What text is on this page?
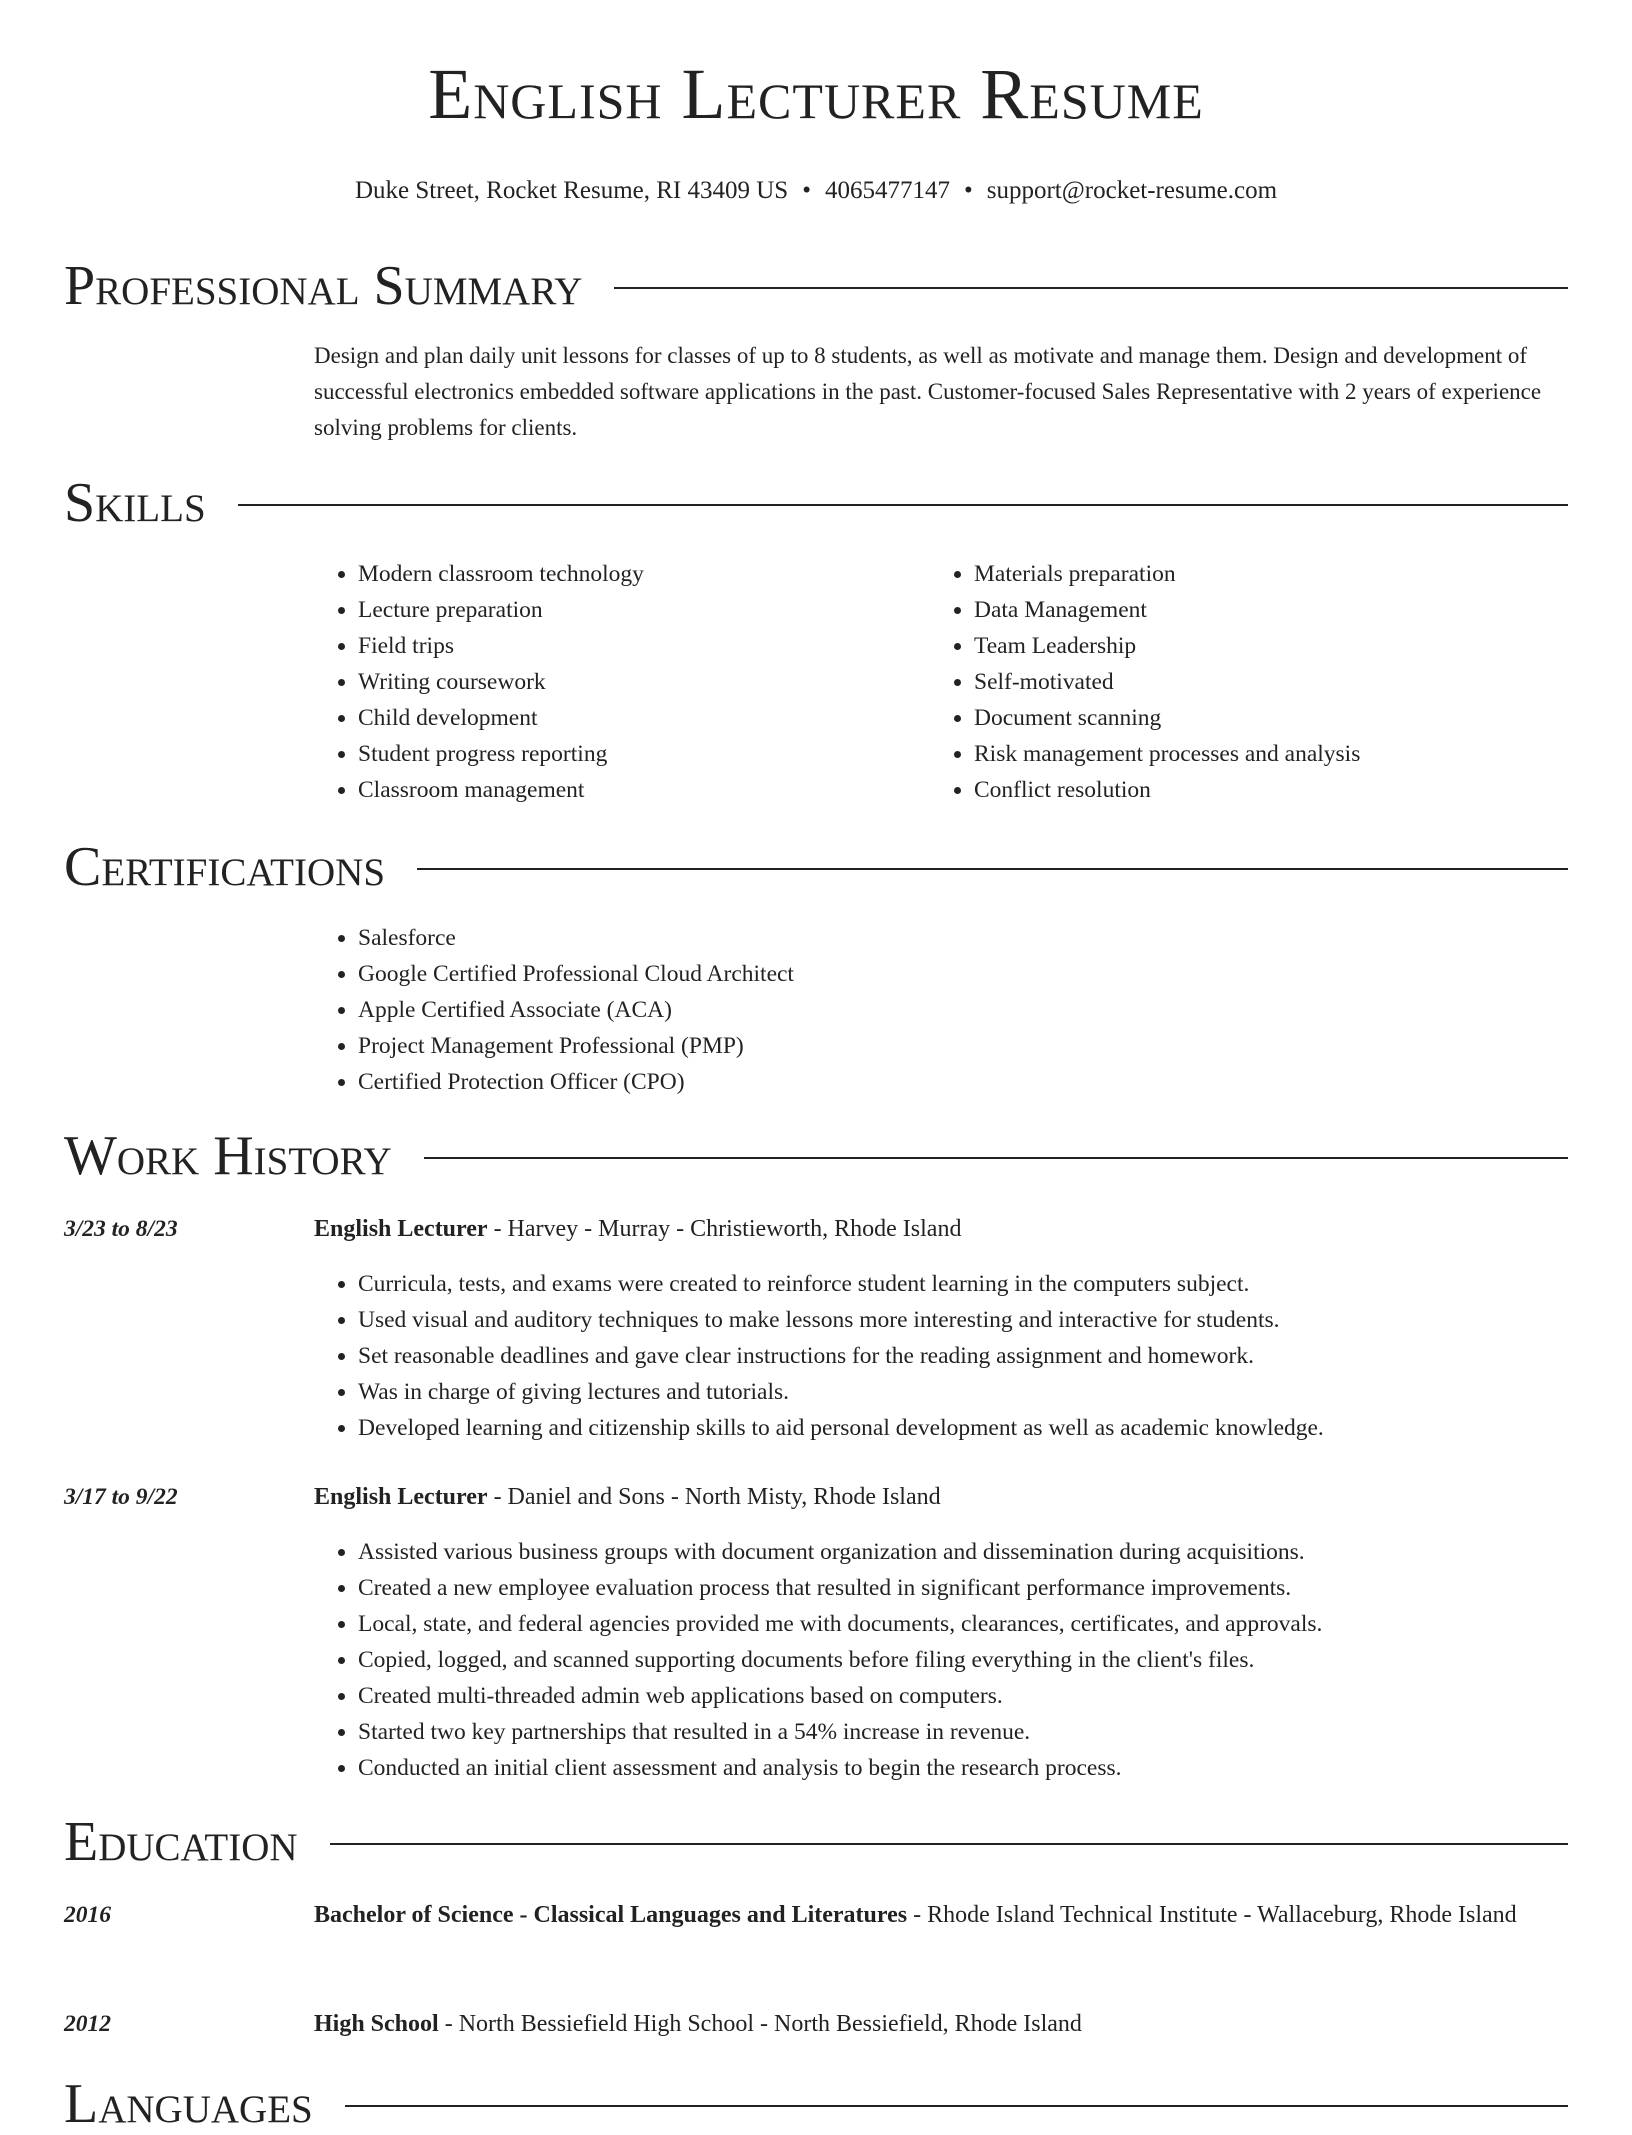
English Lecturer Resume
Duke Street, Rocket Resume, RI 43409 US • 4065477147 • support@rocket-resume.com
Professional Summary
Design and plan daily unit lessons for classes of up to 8 students, as well as motivate and manage them. Design and development of successful electronics embedded software applications in the past. Customer-focused Sales Representative with 2 years of experience solving problems for clients.
Skills
• Modern classroom technology
• Lecture preparation
• Field trips
• Writing coursework
• Child development
• Student progress reporting
• Classroom management
• Materials preparation
• Data Management
• Team Leadership
• Self-motivated
• Document scanning
• Risk management processes and analysis
• Conflict resolution
Certifications
• Salesforce
• Google Certified Professional Cloud Architect
• Apple Certified Associate (ACA)
• Project Management Professional (PMP)
• Certified Protection Officer (CPO)
Work History
3/23 to 8/23	English Lecturer - Harvey - Murray - Christieworth, Rhode Island
• Curricula, tests, and exams were created to reinforce student learning in the computers subject.
• Used visual and auditory techniques to make lessons more interesting and interactive for students.
• Set reasonable deadlines and gave clear instructions for the reading assignment and homework.
• Was in charge of giving lectures and tutorials.
• Developed learning and citizenship skills to aid personal development as well as academic knowledge.
3/17 to 9/22	English Lecturer - Daniel and Sons - North Misty, Rhode Island
• Assisted various business groups with document organization and dissemination during acquisitions.
• Created a new employee evaluation process that resulted in significant performance improvements.
• Local, state, and federal agencies provided me with documents, clearances, certificates, and approvals.
• Copied, logged, and scanned supporting documents before filing everything in the client's files.
• Created multi-threaded admin web applications based on computers.
• Started two key partnerships that resulted in a 54% increase in revenue.
• Conducted an initial client assessment and analysis to begin the research process.
Education
2016	Bachelor of Science - Classical Languages and Literatures - Rhode Island Technical Institute - Wallaceburg, Rhode Island
2012	High School - North Bessiefield High School - North Bessiefield, Rhode Island
Languages
